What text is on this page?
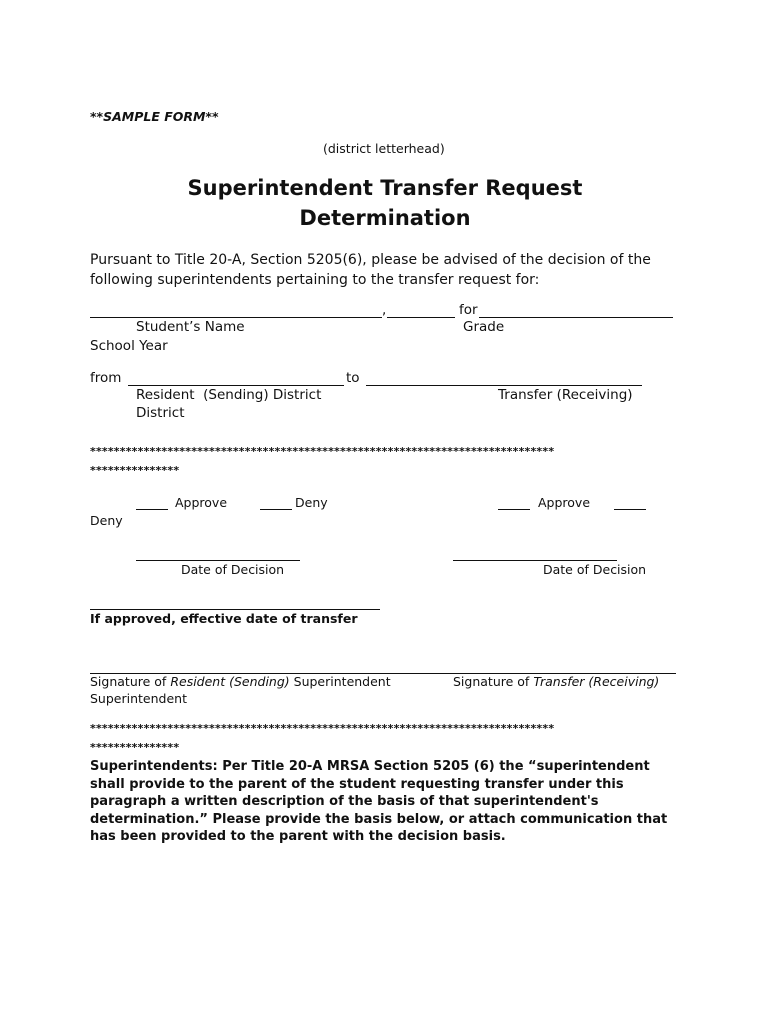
**SAMPLE FORM**
(district letterhead)
Superintendent Transfer Request
Determination
Pursuant to Title 20-A, Section 5205(6), please be advised of the decision of the following superintendents pertaining to the transfer request for:
,	for
Student’s Name	Grade
School Year
from	to
Resident  (Sending) District	Transfer (Receiving)
District
******************************************************************************
***************
Approve	Deny	Approve
Deny
Date of Decision	Date of Decision
If approved, effective date of transfer
Signature of Resident (Sending) Superintendent	Signature of Transfer (Receiving)
Superintendent
******************************************************************************
***************
Superintendents: Per Title 20-A MRSA Section 5205 (6) the “superintendent shall provide to the parent of the student requesting transfer under this paragraph a written description of the basis of that superintendent's determination.” Please provide the basis below, or attach communication that has been provided to the parent with the decision basis.
